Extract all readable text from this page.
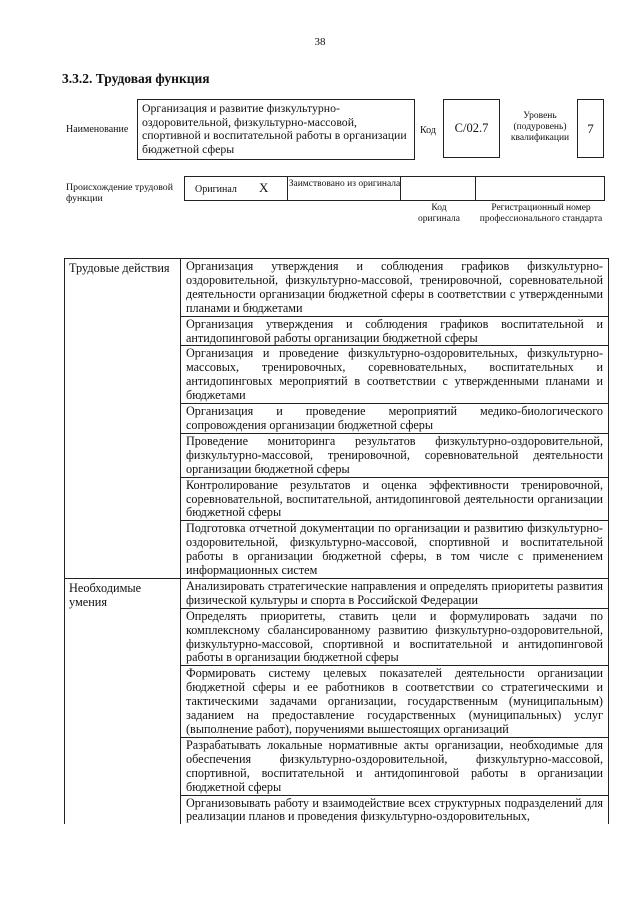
38
3.3.2. Трудовая функция
Наименование
Организация и развитие физкультурно-оздоровительной, физкультурно-массовой, спортивной и воспитательной работы в организации бюджетной сферы
Код C/02.7
Уровень (подуровень) квалификации
7
Происхождение трудовой функции
Оригинал X Заимствовано из оригинала
Код оригинала
Регистрационный номер профессионального стандарта
Трудовые действия	Организация утверждения и соблюдения графиков физкультурно-оздоровительной, физкультурно-массовой, тренировочной, соревновательной деятельности организации бюджетной сферы в соответствии с утвержденными планами и бюджетами
Организация утверждения и соблюдения графиков воспитательной и антидопинговой работы организации бюджетной сферы
Организация и проведение физкультурно-оздоровительных, физкультурно-массовых, тренировочных, соревновательных, воспитательных и антидопинговых мероприятий в соответствии с утвержденными планами и бюджетами
Организация и проведение мероприятий медико-биологического сопровождения организации бюджетной сферы
Проведение мониторинга результатов физкультурно-оздоровительной, физкультурно-массовой, тренировочной, соревновательной деятельности организации бюджетной сферы
Контролирование результатов и оценка эффективности тренировочной, соревновательной, воспитательной, антидопинговой деятельности организации бюджетной сферы
Подготовка отчетной документации по организации и развитию физкультурно-оздоровительной, физкультурно-массовой, спортивной и воспитательной работы в организации бюджетной сферы, в том числе с применением информационных систем
Необходимые умения
Анализировать стратегические направления и определять приоритеты развития физической культуры и спорта в Российской Федерации
Определять приоритеты, ставить цели и формулировать задачи по комплексному сбалансированному развитию физкультурно-оздоровительной, физкультурно-массовой, спортивной и воспитательной и антидопинговой работы в организации бюджетной сферы
Формировать систему целевых показателей деятельности организации бюджетной сферы и ее работников в соответствии со стратегическими и тактическими задачами организации, государственным (муниципальным) заданием на предоставление государственных (муниципальных) услуг (выполнение работ), поручениями вышестоящих организаций
Разрабатывать локальные нормативные акты организации, необходимые для обеспечения физкультурно-оздоровительной, физкультурно-массовой, спортивной, воспитательной и антидопинговой работы в организации бюджетной сферы
Организовывать работу и взаимодействие всех структурных подразделений для реализации планов и проведения физкультурно-оздоровительных,
